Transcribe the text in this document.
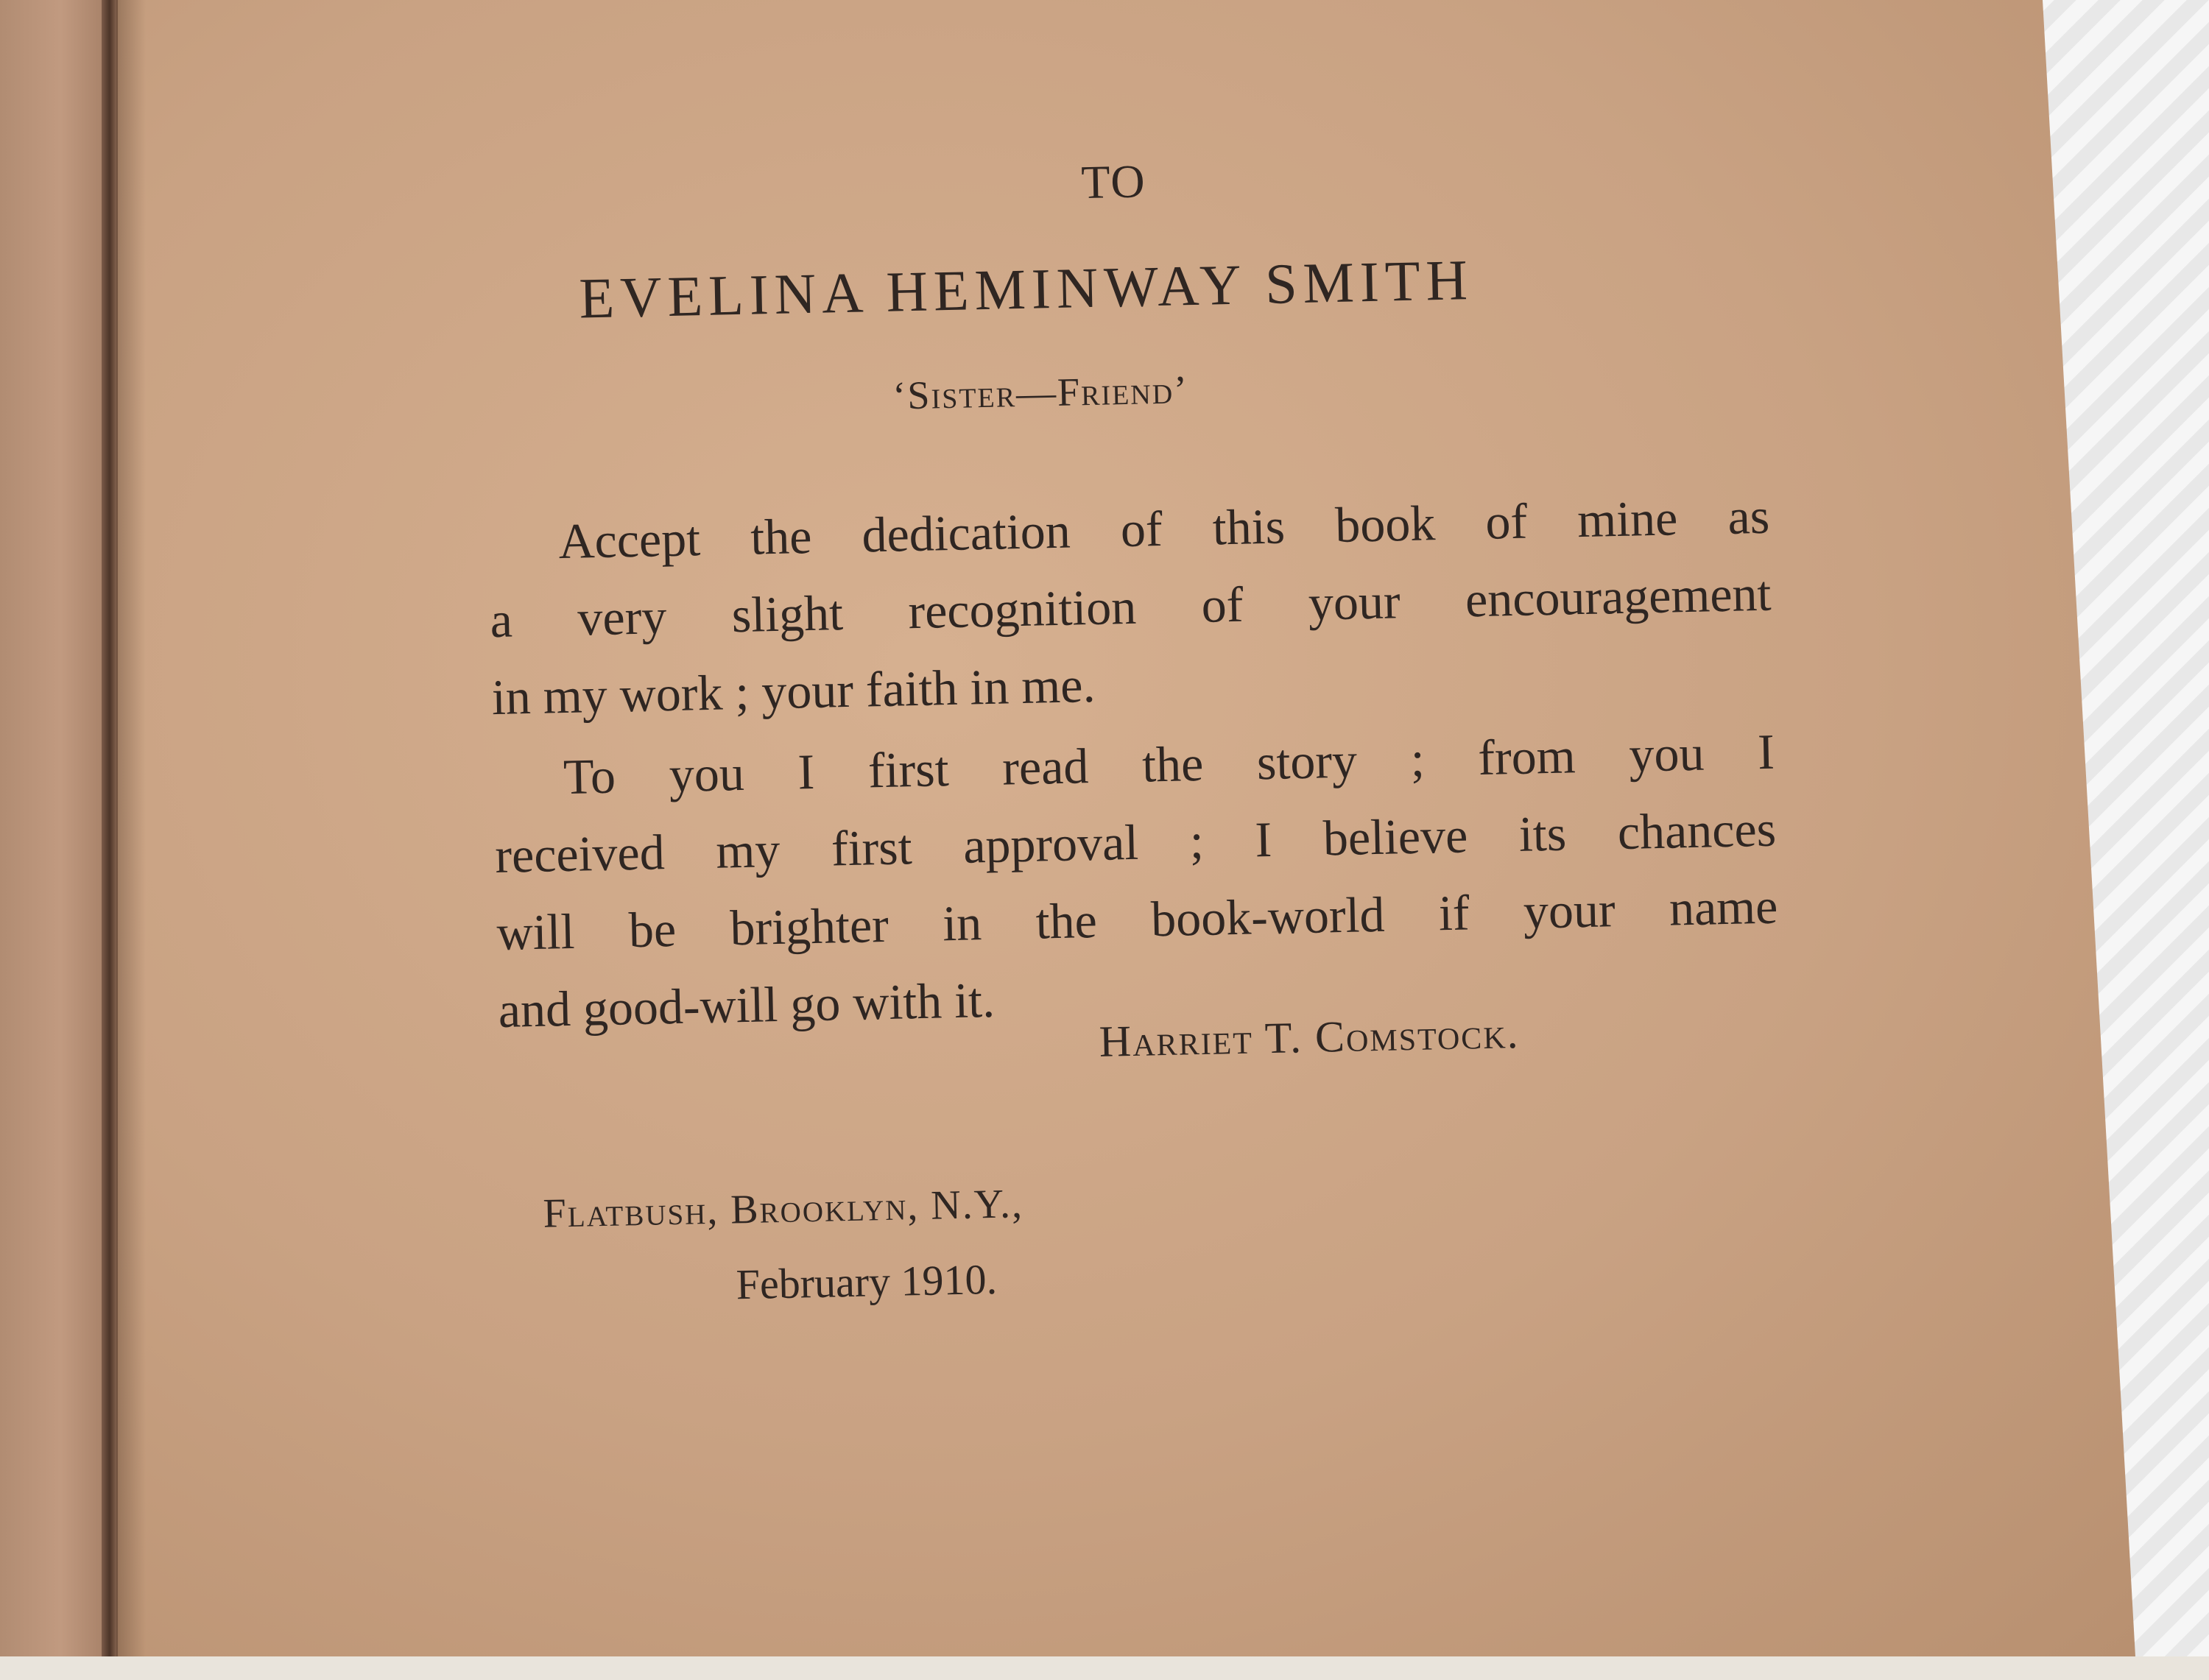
TO
EVELINA HEMINWAY SMITH
‘Sister—Friend’
Accept the dedication of this book of mine as
a very slight recognition of your encouragement
in my work ; your faith in me.
To you I first read the story ; from you I
received my first approval ; I believe its chances
will be brighter in the book-world if your name
and good-will go with it.	Harriet T. Comstock.
Flatbush, Brooklyn, N.Y.,
February 1910.
